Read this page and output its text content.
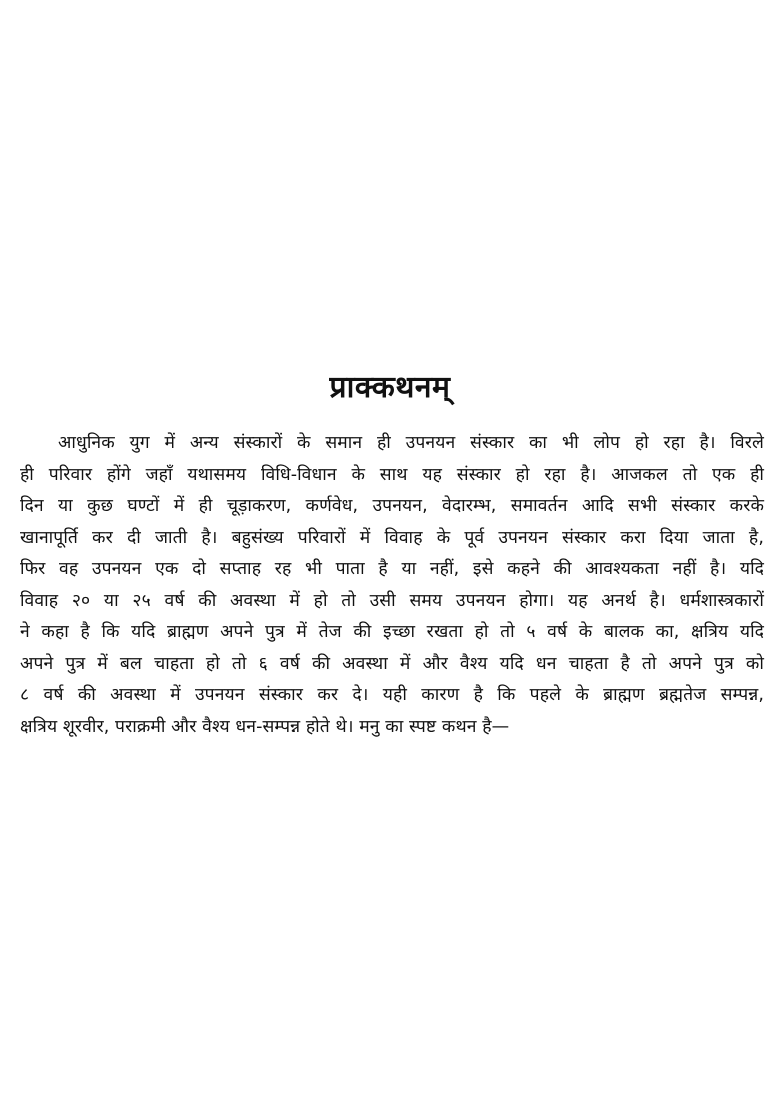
प्राक्कथनम्
आधुनिक युग में अन्य संस्कारों के समान ही उपनयन संस्कार का भी लोप हो रहा है। विरले
ही परिवार होंगे जहाँ यथासमय विधि-विधान के साथ यह संस्कार हो रहा है। आजकल तो एक ही
दिन या कुछ घण्टों में ही चूड़ाकरण, कर्णवेध, उपनयन, वेदारम्भ, समावर्तन आदि सभी संस्कार करके
खानापूर्ति कर दी जाती है। बहुसंख्य परिवारों में विवाह के पूर्व उपनयन संस्कार करा दिया जाता है,
फिर वह उपनयन एक दो सप्ताह रह भी पाता है या नहीं, इसे कहने की आवश्यकता नहीं है। यदि
विवाह २० या २५ वर्ष की अवस्था में हो तो उसी समय उपनयन होगा। यह अनर्थ है। धर्मशास्त्रकारों
ने कहा है कि यदि ब्राह्मण अपने पुत्र में तेज की इच्छा रखता हो तो ५ वर्ष के बालक का, क्षत्रिय यदि
अपने पुत्र में बल चाहता हो तो ६ वर्ष की अवस्था में और वैश्य यदि धन चाहता है तो अपने पुत्र को
८ वर्ष की अवस्था में उपनयन संस्कार कर दे। यही कारण है कि पहले के ब्राह्मण ब्रह्मतेज सम्पन्न,
क्षत्रिय शूरवीर, पराक्रमी और वैश्य धन-सम्पन्न होते थे। मनु का स्पष्ट कथन है—
